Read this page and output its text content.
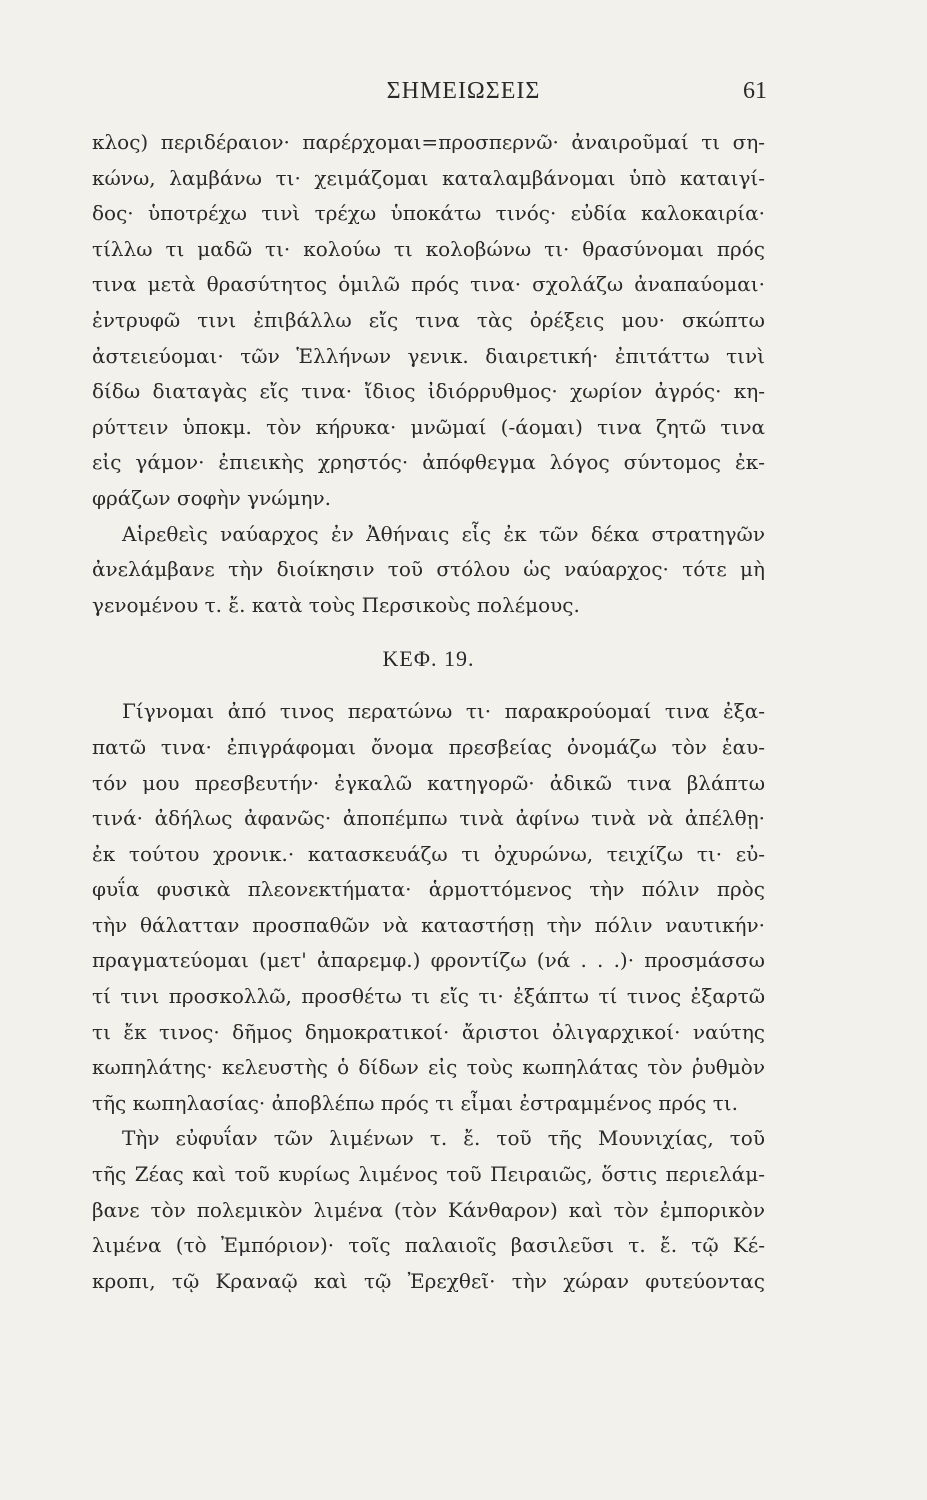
ΣΗΜΕΙΩΣΕΙΣ	61
κλος) περιδέραιον· παρέρχομαι=προσπερνῶ· ἀναιροῦμαί τι ση-
κώνω, λαμβάνω τι· χειμάζομαι καταλαμβάνομαι ὑπὸ καταιγί-
δος· ὑποτρέχω τινὶ τρέχω ὑποκάτω τινός· εὐδία καλοκαιρία·
τίλλω τι μαδῶ τι· κολούω τι κολοβώνω τι· θρασύνομαι πρός
τινα μετὰ θρασύτητος ὁμιλῶ πρός τινα· σχολάζω ἀναπαύομαι·
ἐντρυφῶ τινι ἐπιβάλλω εἴς τινα τὰς ὀρέξεις μου· σκώπτω
ἀστειεύομαι· τῶν Ἑλλήνων γενικ. διαιρετική· ἐπιτάττω τινὶ
δίδω διαταγὰς εἴς τινα· ἴδιος ἰδιόρρυθμος· χωρίον ἀγρός· κη-
ρύττειν ὑποκμ. τὸν κήρυκα· μνῶμαί (-άομαι) τινα ζητῶ τινα
εἰς γάμον· ἐπιεικὴς χρηστός· ἀπόφθεγμα λόγος σύντομος ἐκ-
φράζων σοφὴν γνώμην.
Αἱρεθεὶς ναύαρχος ἐν Ἀθήναις εἷς ἐκ τῶν δέκα στρατηγῶν
ἀνελάμβανε τὴν διοίκησιν τοῦ στόλου ὡς ναύαρχος· τότε μὴ
γενομένου τ. ἔ. κατὰ τοὺς Περσικοὺς πολέμους.
ΚΕΦ. 19.
Γίγνομαι ἀπό τινος περατώνω τι· παρακρούομαί τινα ἐξα-
πατῶ τινα· ἐπιγράφομαι ὄνομα πρεσβείας ὀνομάζω τὸν ἑαυ-
τόν μου πρεσβευτήν· ἐγκαλῶ κατηγορῶ· ἀδικῶ τινα βλάπτω
τινά· ἀδήλως ἀφανῶς· ἀποπέμπω τινὰ ἀφίνω τινὰ νὰ ἀπέλθῃ·
ἐκ τούτου χρονικ.· κατασκευάζω τι ὀχυρώνω, τειχίζω τι· εὐ-
φυΐα φυσικὰ πλεονεκτήματα· ἁρμοττόμενος τὴν πόλιν πρὸς
τὴν θάλατταν προσπαθῶν νὰ καταστήσῃ τὴν πόλιν ναυτικήν·
πραγματεύομαι (μετ' ἀπαρεμφ.) φροντίζω (νά . . .)· προσμάσσω
τί τινι προσκολλῶ, προσθέτω τι εἴς τι· ἐξάπτω τί τινος ἐξαρτῶ
τι ἔκ τινος· δῆμος δημοκρατικοί· ἄριστοι ὀλιγαρχικοί· ναύτης
κωπηλάτης· κελευστὴς ὁ δίδων εἰς τοὺς κωπηλάτας τὸν ῥυθμὸν
τῆς κωπηλασίας· ἀποβλέπω πρός τι εἶμαι ἐστραμμένος πρός τι.
Τὴν εὐφυΐαν τῶν λιμένων τ. ἔ. τοῦ τῆς Μουνιχίας, τοῦ
τῆς Ζέας καὶ τοῦ κυρίως λιμένος τοῦ Πειραιῶς, ὅστις περιελάμ-
βανε τὸν πολεμικὸν λιμένα (τὸν Κάνθαρον) καὶ τὸν ἐμπορικὸν
λιμένα (τὸ Ἐμπόριον)· τοῖς παλαιοῖς βασιλεῦσι τ. ἔ. τῷ Κέ-
κροπι, τῷ Κραναῷ καὶ τῷ Ἐρεχθεῖ· τὴν χώραν φυτεύοντας
